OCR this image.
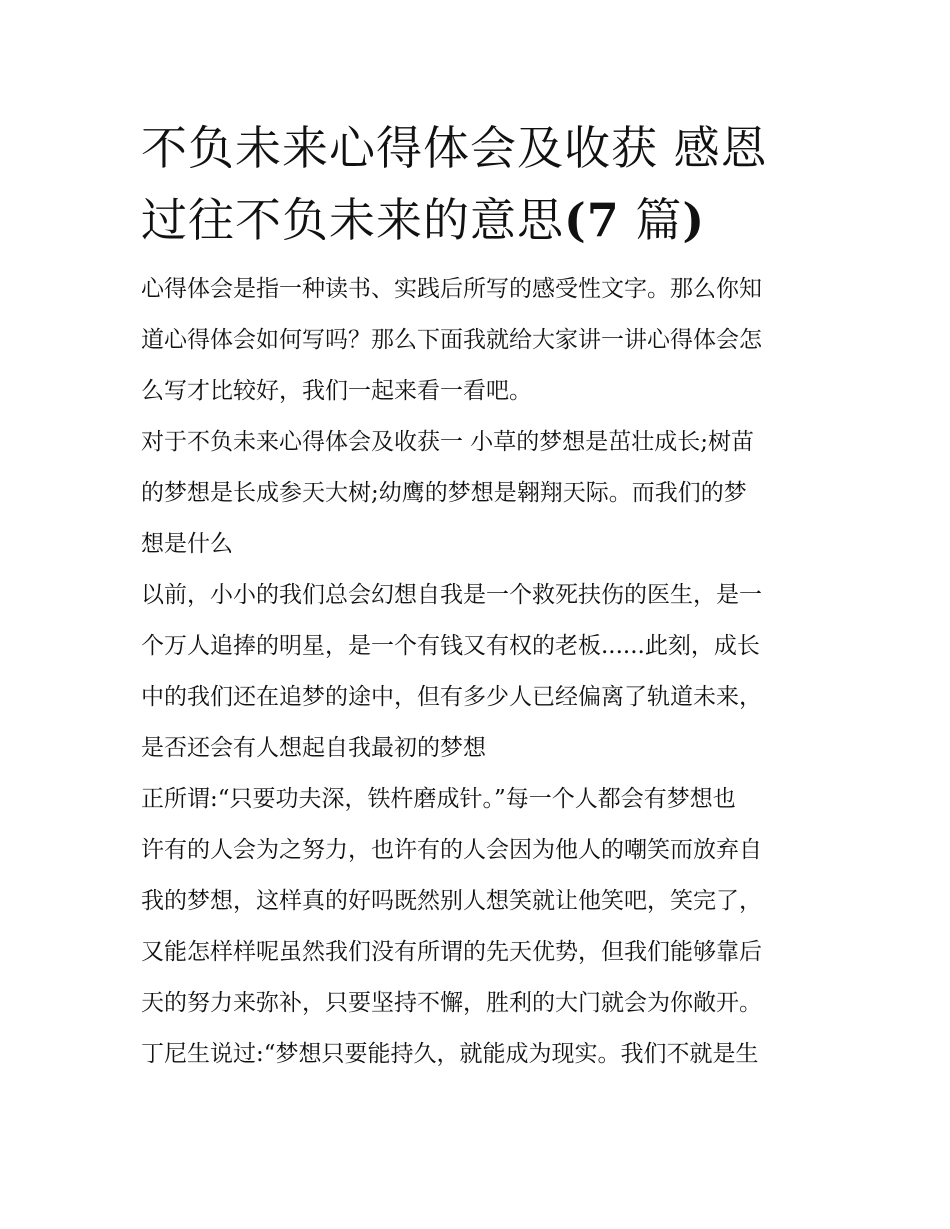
不负未来心得体会及收获 感恩
过往不负未来的意思(7 篇)

心得体会是指一种读书、实践后所写的感受性文字。那么你知
道心得体会如何写吗？那么下面我就给大家讲一讲心得体会怎
么写才比较好，我们一起来看一看吧。

对于不负未来心得体会及收获一 小草的梦想是茁壮成长;树苗
的梦想是长成参天大树;幼鹰的梦想是翱翔天际。而我们的梦
想是什么

以前，小小的我们总会幻想自我是一个救死扶伤的医生，是一
个万人追捧的明星，是一个有钱又有权的老板......此刻，成长
中的我们还在追梦的途中，但有多少人已经偏离了轨道未来，
是否还会有人想起自我最初的梦想

正所谓:“只要功夫深，铁杵磨成针。”每一个人都会有梦想也
许有的人会为之努力，也许有的人会因为他人的嘲笑而放弃自
我的梦想，这样真的好吗既然别人想笑就让他笑吧，笑完了，
又能怎样样呢虽然我们没有所谓的先天优势，但我们能够靠后
天的努力来弥补，只要坚持不懈，胜利的大门就会为你敞开。
丁尼生说过:“梦想只要能持久，就能成为现实。我们不就是生
